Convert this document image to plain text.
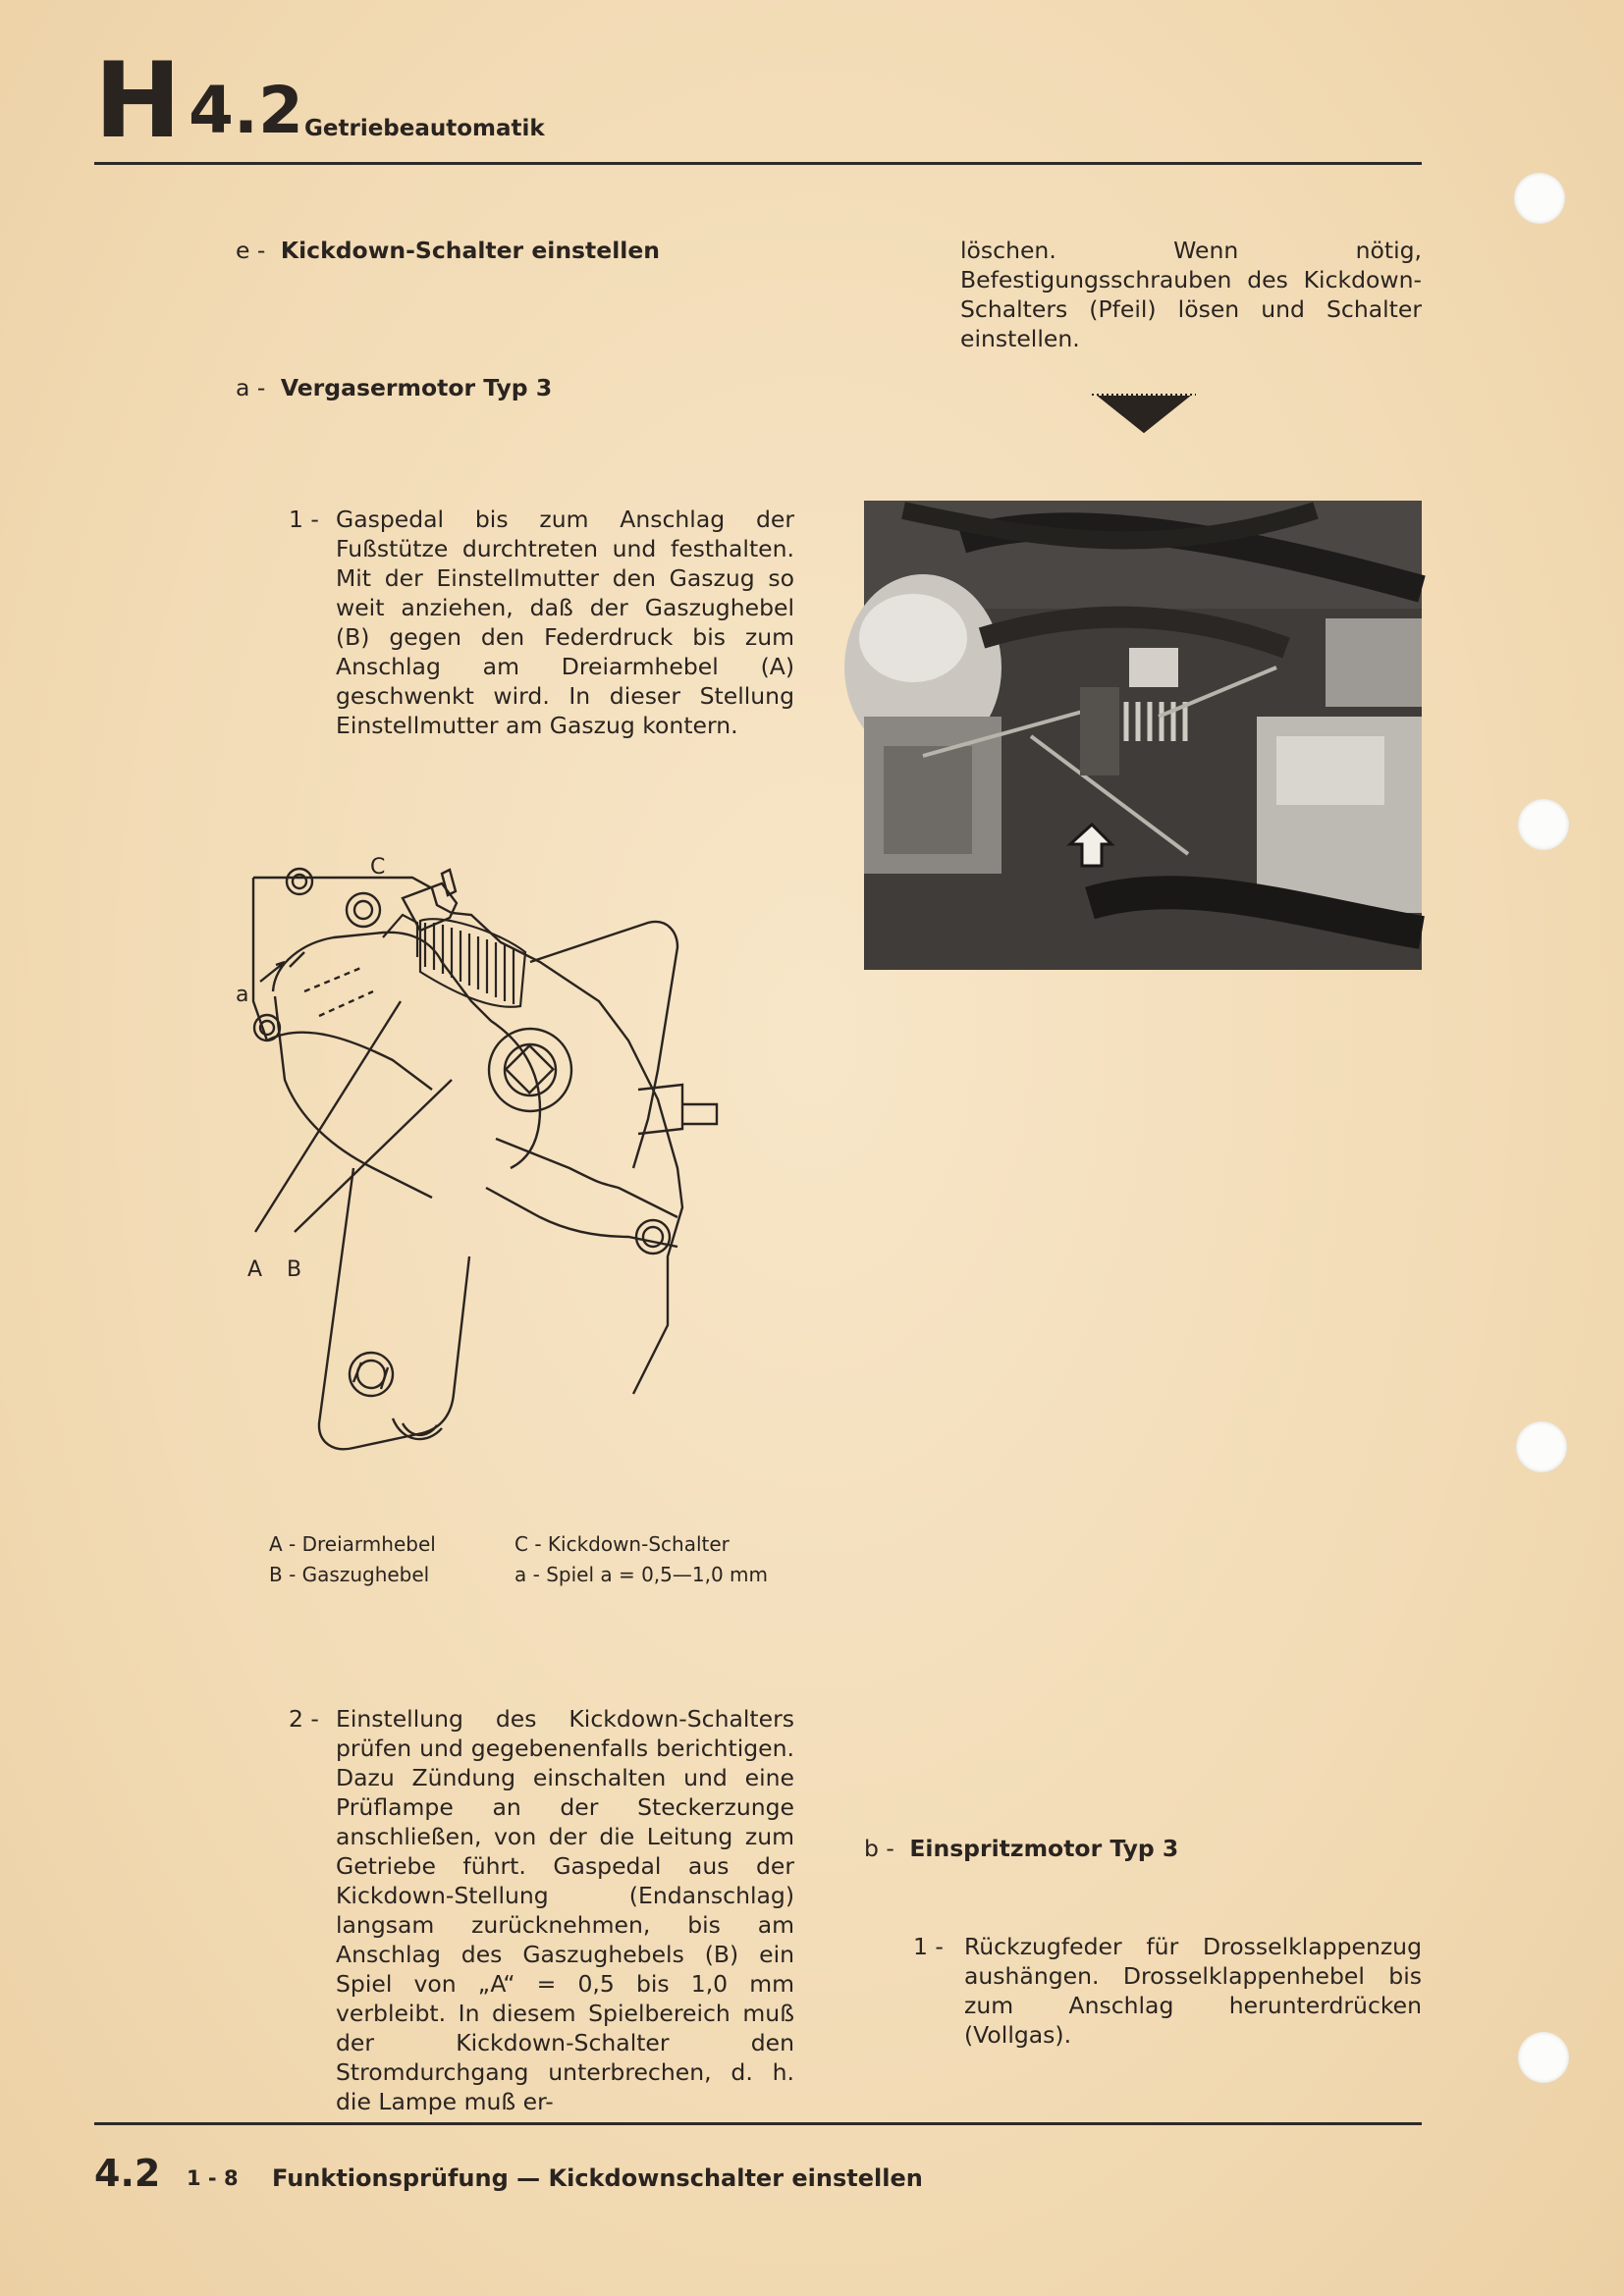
H 4.2 Getriebeautomatik
e - Kickdown-Schalter einstellen
a - Vergasermotor Typ 3
1 - Gaspedal bis zum Anschlag der Fußstütze durchtreten und festhalten. Mit der Einstellmutter den Gaszug so weit anziehen, daß der Gaszughebel (B) gegen den Federdruck bis zum Anschlag am Dreiarmhebel (A) geschwenkt wird. In dieser Stellung Einstellmutter am Gaszug kontern.
C
a
A B
A - Dreiarmhebel
B - Gaszughebel
C - Kickdown-Schalter
a - Spiel a = 0,5—1,0 mm
2 - Einstellung des Kickdown-Schalters prüfen und gegebenenfalls berichtigen. Dazu Zündung einschalten und eine Prüflampe an der Steckerzunge anschließen, von der die Leitung zum Getriebe führt. Gaspedal aus der Kickdown-Stellung (Endanschlag) langsam zurücknehmen, bis am Anschlag des Gaszughebels (B) ein Spiel von „A“ = 0,5 bis 1,0 mm verbleibt. In diesem Spielbereich muß der Kickdown-Schalter den Stromdurchgang unterbrechen, d. h. die Lampe muß er-
löschen. Wenn nötig, Befestigungsschrauben des Kickdown-Schalters (Pfeil) lösen und Schalter einstellen.
b - Einspritzmotor Typ 3
1 - Rückzugfeder für Drosselklappenzug aushängen. Drosselklappenhebel bis zum Anschlag herunterdrücken (Vollgas).
4.2 1 - 8 Funktionsprüfung — Kickdownschalter einstellen
